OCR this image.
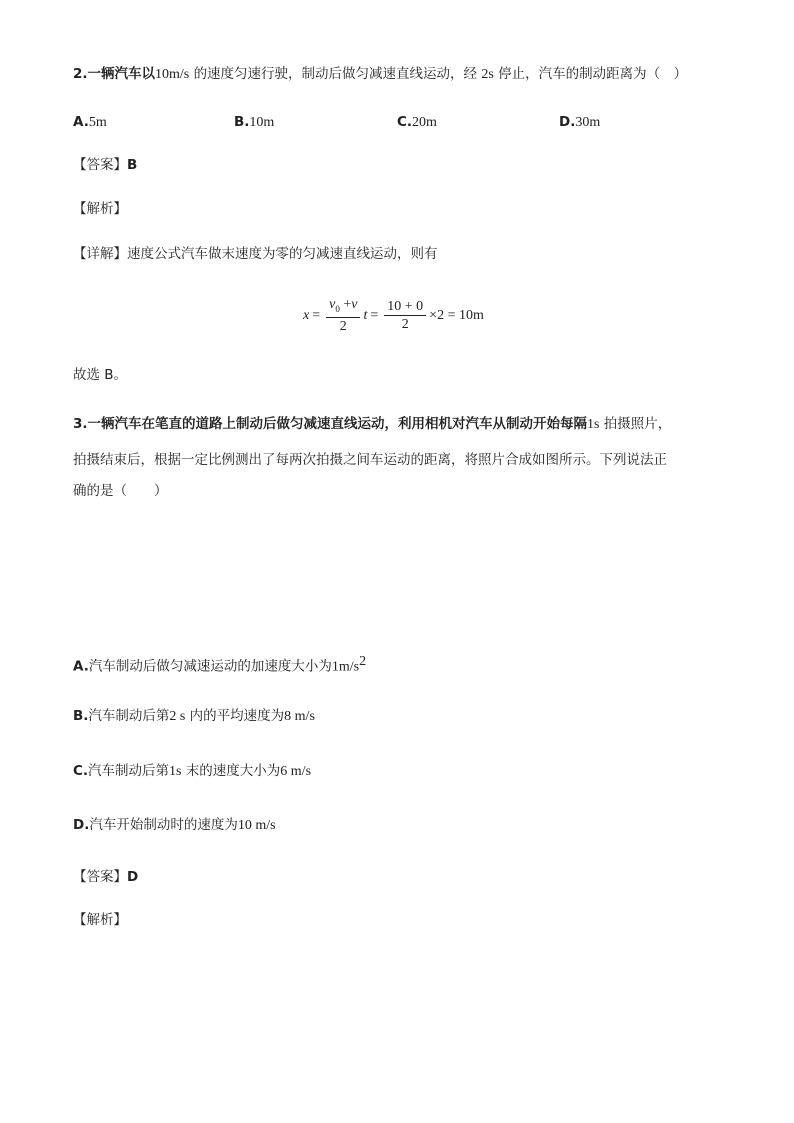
2.一辆汽车以10m/s 的速度匀速行驶，制动后做匀减速直线运动，经 2s 停止，汽车的制动距离为（　）
A.5m	B.10m	C.20m	D.30m
【答案】B
【解析】
【详解】速度公式汽车做末速度为零的匀减速直线运动，则有
$x = \frac{v_0 +v}{2}$ $t = \frac{10 + 0}{2} \times 2 = 10m$
故选 B。
3.一辆汽车在笔直的道路上制动后做匀减速直线运动，利用相机对汽车从制动开始每隔1s 拍摄照片，
拍摄结束后，根据一定比例测出了每两次拍摄之间车运动的距离，将照片合成如图所示。下列说法正
确的是（　　）
A.汽车制动后做匀减速运动的加速度大小为$1m/s^2$
B.汽车制动后第2 s 内的平均速度为8 m/s
C.汽车制动后第1s 末的速度大小为6 m/s
D.汽车开始制动时的速度为10 m/s
【答案】D
【解析】
